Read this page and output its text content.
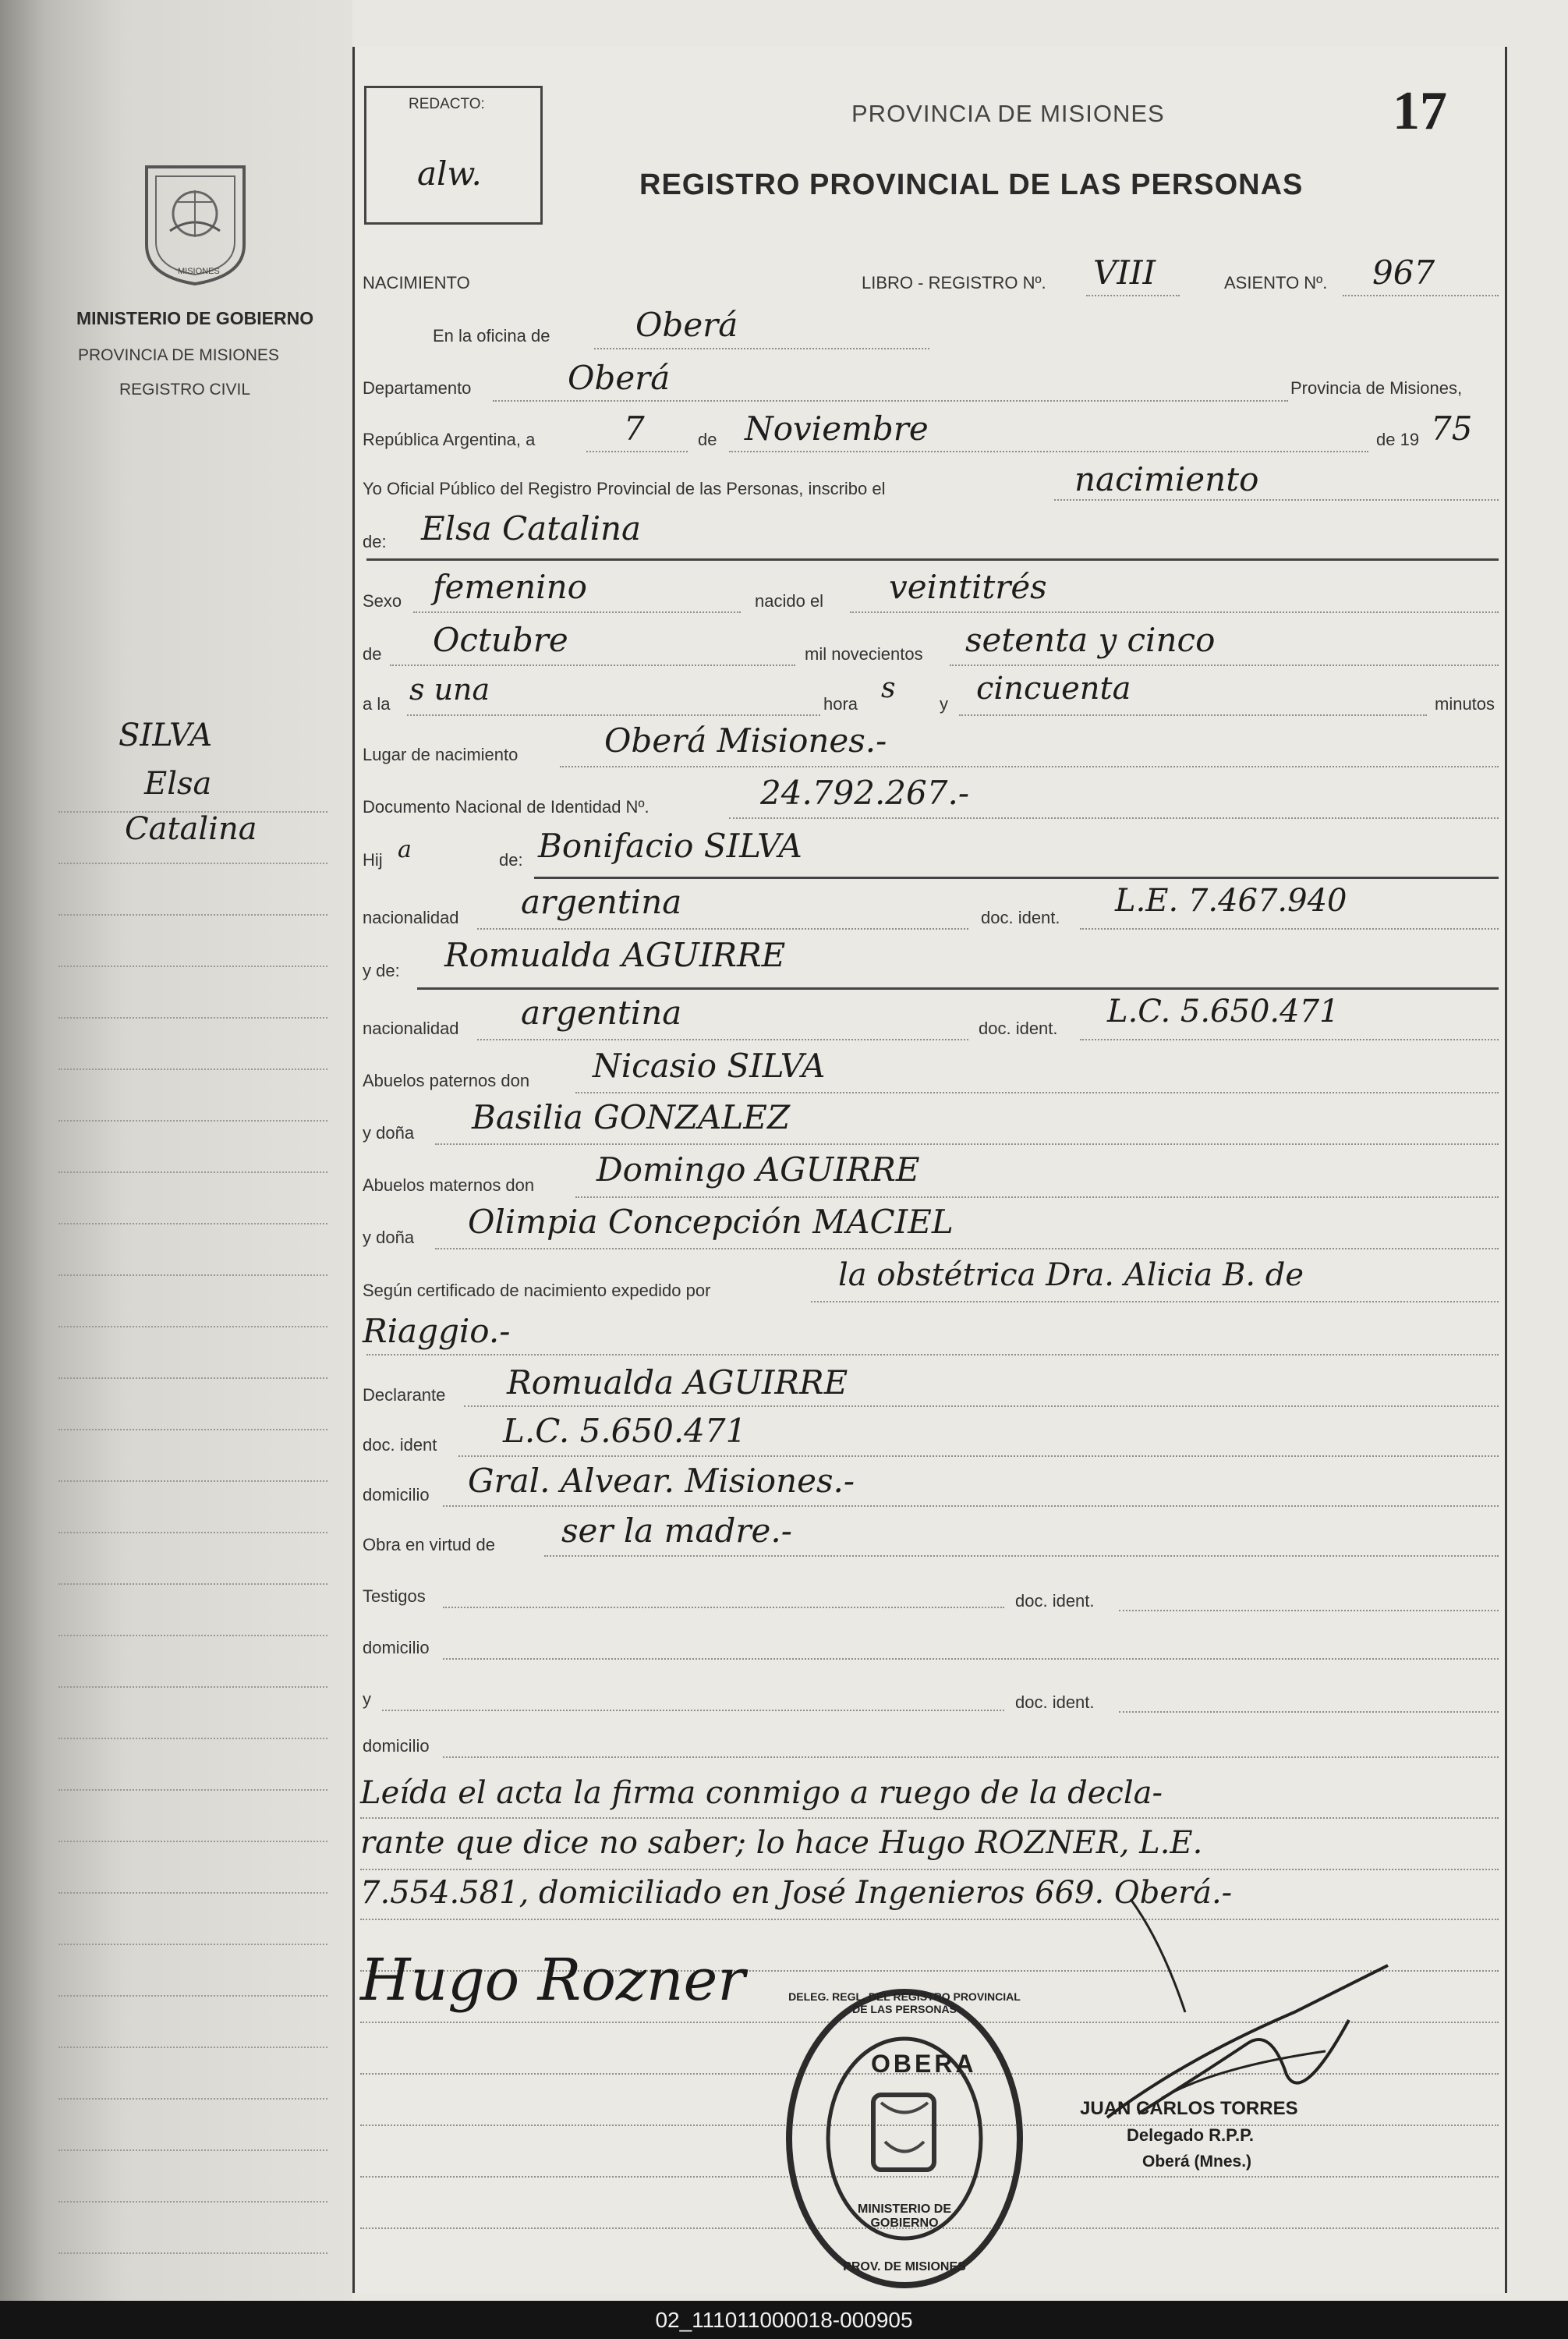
MISIONES
MINISTERIO DE GOBIERNO
PROVINCIA DE MISIONES
REGISTRO CIVIL
SILVA
Elsa
Catalina
REDACTO:
alw.
PROVINCIA DE MISIONES
REGISTRO PROVINCIAL DE LAS PERSONAS
17
NACIMIENTO	LIBRO - REGISTRO Nº. VIII	ASIENTO Nº. 967
En la oficina de	Oberá
Departamento	Oberá	Provincia de Misiones,
República Argentina, a	7	de Noviembre	de 19 75
Yo Oficial Público del Registro Provincial de las Personas, inscribo el	nacimiento
de: Elsa Catalina
Sexo femenino	nacido el veintitrés
de Octubre	mil novecientos setenta y cinco
a la s una	hora s	y cincuenta	minutos
Lugar de nacimiento	Oberá Misiones.-
Documento Nacional de Identidad Nº.	24.792.267.-
Hij a	de: Bonifacio SILVA
nacionalidad argentina	doc. ident. L.E. 7.467.940
y de: Romualda AGUIRRE
nacionalidad argentina	doc. ident. L.C. 5.650.471
Abuelos paternos don Nicasio SILVA
y doña Basilia GONZALEZ
Abuelos maternos don Domingo AGUIRRE
y doña Olimpia Concepción MACIEL
Según certificado de nacimiento expedido por	la obstétrica Dra. Alicia B. de
Riaggio.-
Declarante Romualda AGUIRRE
doc. ident L.C. 5.650.471
domicilio Gral. Alvear. Misiones.-
Obra en virtud de ser la madre.-
Testigos	doc. ident.
domicilio
y	doc. ident.
domicilio
Leída el acta la firma conmigo a ruego de la decla-
rante que dice no saber; lo hace Hugo ROZNER, L.E.
7.554.581, domiciliado en José Ingenieros 669. Oberá.-
Hugo Rozner
OBERA
DELEG. REGL. DEL REGISTRO PROVINCIAL DE LAS PERSONAS
MINISTERIO DE GOBIERNO
PROV. DE MISIONES
JUAN CARLOS TORRES
Delegado R.P.P.
Oberá (Mnes.)
02_111011000018-000905
